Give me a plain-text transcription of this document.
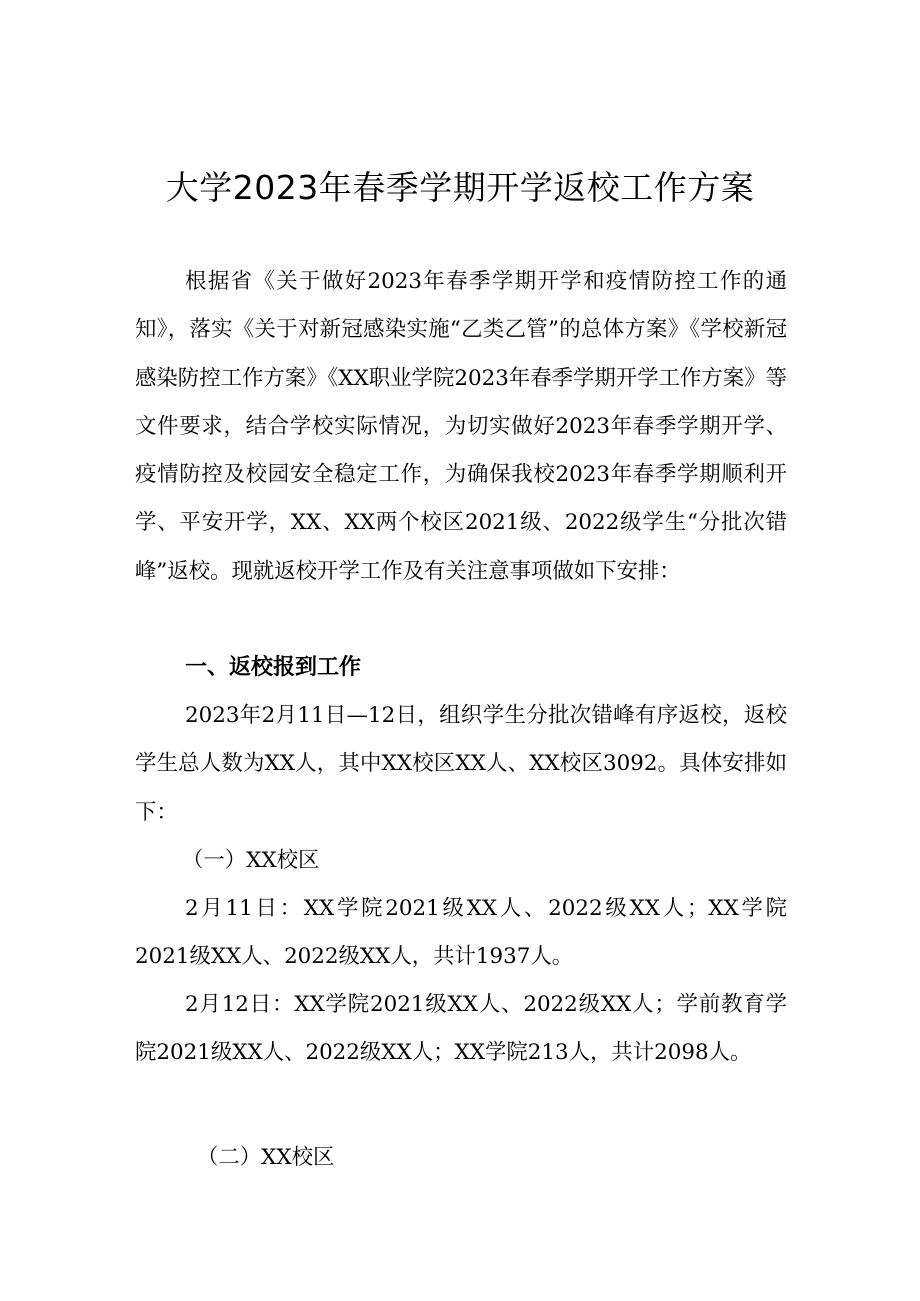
大学2023年春季学期开学返校工作方案

根据省《关于做好2023年春季学期开学和疫情防控工作的通知》，落实《关于对新冠感染实施“乙类乙管”的总体方案》《学校新冠感染防控工作方案》《XX职业学院2023年春季学期开学工作方案》等文件要求，结合学校实际情况，为切实做好2023年春季学期开学、疫情防控及校园安全稳定工作，为确保我校2023年春季学期顺利开学、平安开学，XX、XX两个校区2021级、2022级学生“分批次错峰”返校。现就返校开学工作及有关注意事项做如下安排：

一、返校报到工作

2023年2月11日—12日，组织学生分批次错峰有序返校，返校学生总人数为XX人，其中XX校区XX人、XX校区3092。具体安排如下：

（一）XX校区

2月11日：XX学院2021级XX人、2022级XX人；XX学院2021级XX人、2022级XX人，共计1937人。

2月12日：XX学院2021级XX人、2022级XX人；学前教育学院2021级XX人、2022级XX人；XX学院213人，共计2098人。

（二）XX校区
